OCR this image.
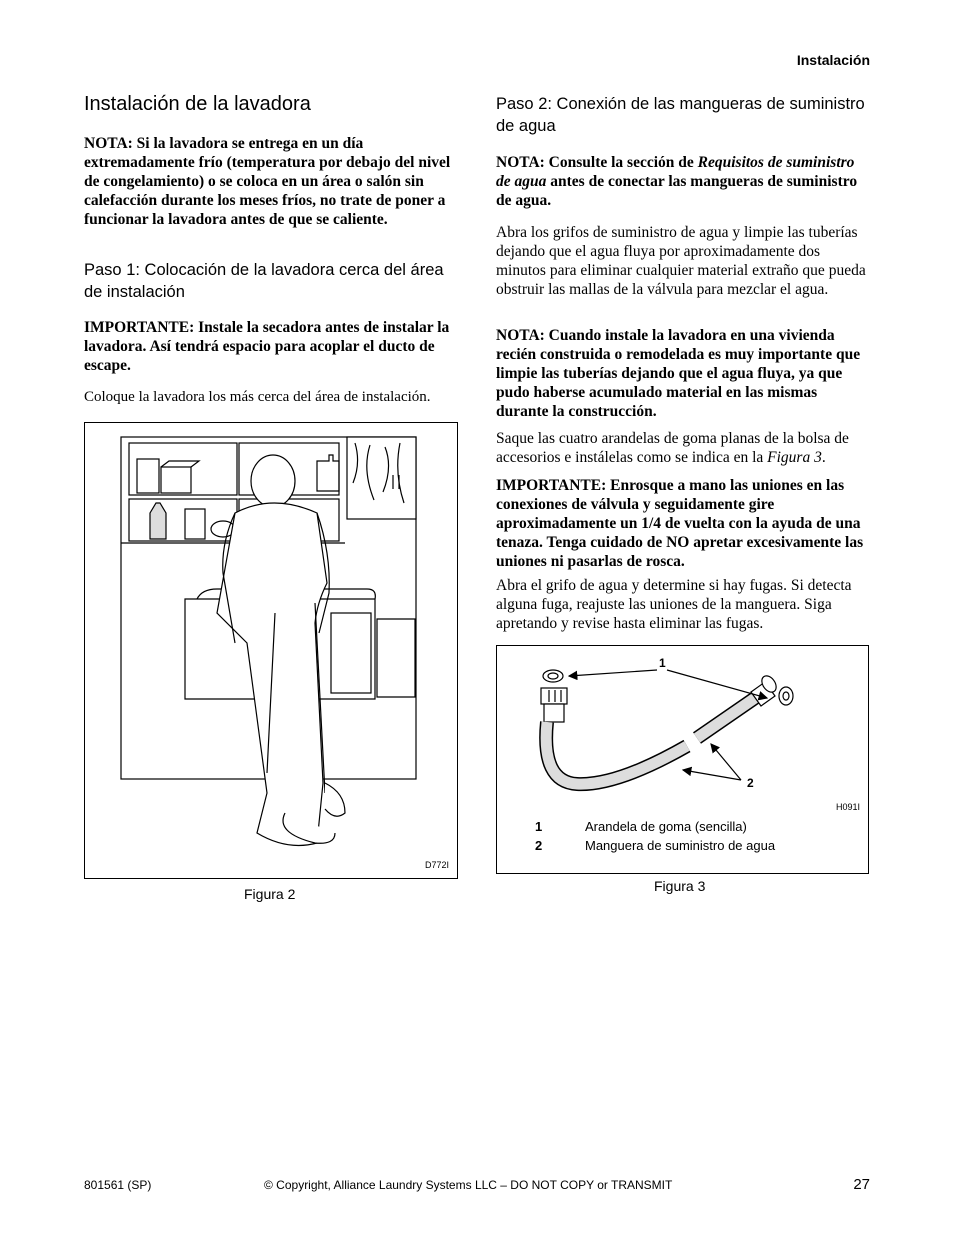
Instalación
Instalación de la lavadora

NOTA: Si la lavadora se entrega en un día extremadamente frío (temperatura por debajo del nivel de congelamiento) o se coloca en un área o salón sin calefacción durante los meses fríos, no trate de poner a funcionar la lavadora antes de que se caliente.

Paso 1: Colocación de la lavadora cerca del área de instalación

IMPORTANTE: Instale la secadora antes de instalar la lavadora. Así tendrá espacio para acoplar el ducto de escape.

Coloque la lavadora los más cerca del área de instalación.

D772I
Figura 2
Paso 2: Conexión de las mangueras de suministro de agua

NOTA: Consulte la sección de Requisitos de suministro de agua antes de conectar las mangueras de suministro de agua.

Abra los grifos de suministro de agua y limpie las tuberías dejando que el agua fluya por aproximadamente dos minutos para eliminar cualquier material extraño que pueda obstruir las mallas de la válvula para mezclar el agua.

NOTA: Cuando instale la lavadora en una vivienda recién construida o remodelada es muy importante que limpie las tuberías dejando que el agua fluya, ya que pudo haberse acumulado material en las mismas durante la construcción.

Saque las cuatro arandelas de goma planas de la bolsa de accesorios e instálelas como se indica en la Figura 3.

IMPORTANTE: Enrosque a mano las uniones en las conexiones de válvula y seguidamente gire aproximadamente un 1/4 de vuelta con la ayuda de una tenaza. Tenga cuidado de NO apretar excesivamente las uniones ni pasarlas de rosca.

Abra el grifo de agua y determine si hay fugas. Si detecta alguna fuga, reajuste las uniones de la manguera. Siga apretando y revise hasta eliminar las fugas.

1
2
H091I
1	Arandela de goma (sencilla)
2	Manguera de suministro de agua
Figura 3
801561 (SP)	© Copyright, Alliance Laundry Systems LLC – DO NOT COPY or TRANSMIT	27
